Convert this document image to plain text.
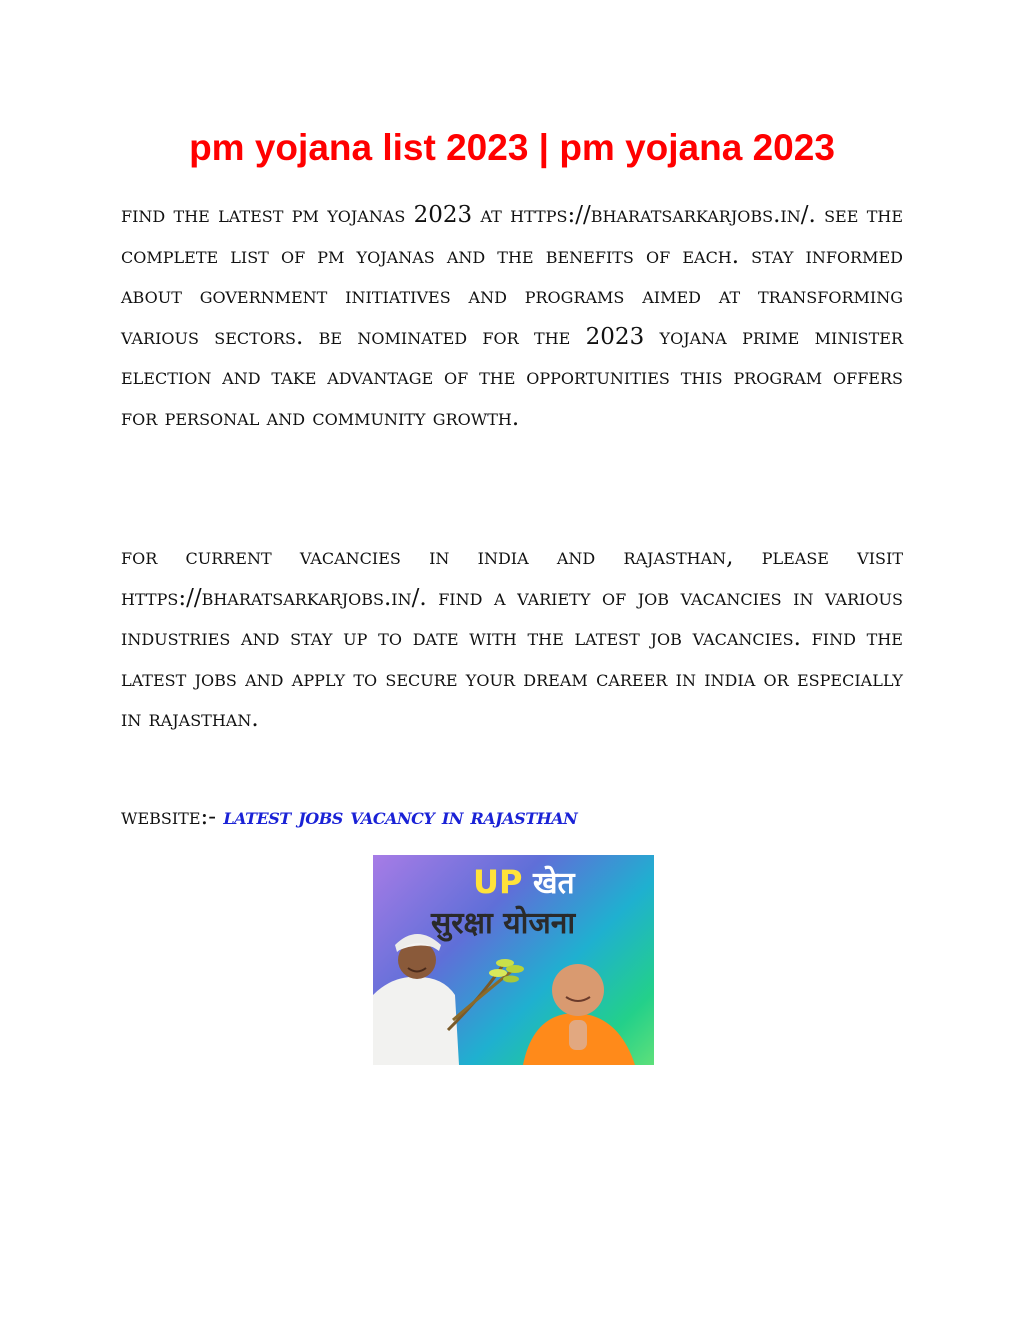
pm yojana list 2023 | pm yojana 2023

find the latest pm yojanas 2023 at https://bharatsarkarjobs.in/. see the complete list of pm yojanas and the benefits of each. stay informed about government initiatives and programs aimed at transforming various sectors. be nominated for the 2023 yojana prime minister election and take advantage of the opportunities this program offers for personal and community growth.

for current vacancies in india and rajasthan, please visit https://bharatsarkarjobs.in/. find a variety of job vacancies in various industries and stay up to date with the latest job vacancies. find the latest jobs and apply to secure your dream career in india or especially in rajasthan.

website:- latest jobs vacancy in rajasthan

UP खेत
सुरक्षा योजना
